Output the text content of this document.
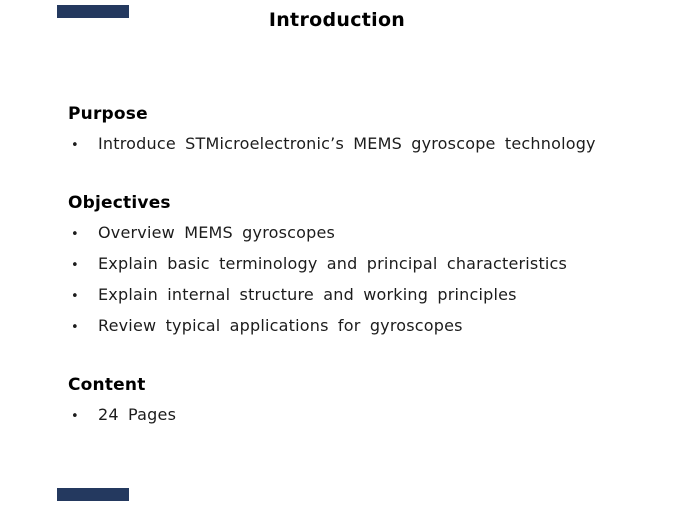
Introduction
Purpose
•	Introduce STMicroelectronic’s MEMS gyroscope technology
Objectives
•	Overview MEMS gyroscopes
•	Explain basic terminology and principal characteristics
•	Explain internal structure and working principles
•	Review typical applications for gyroscopes
Content
•	24 Pages
